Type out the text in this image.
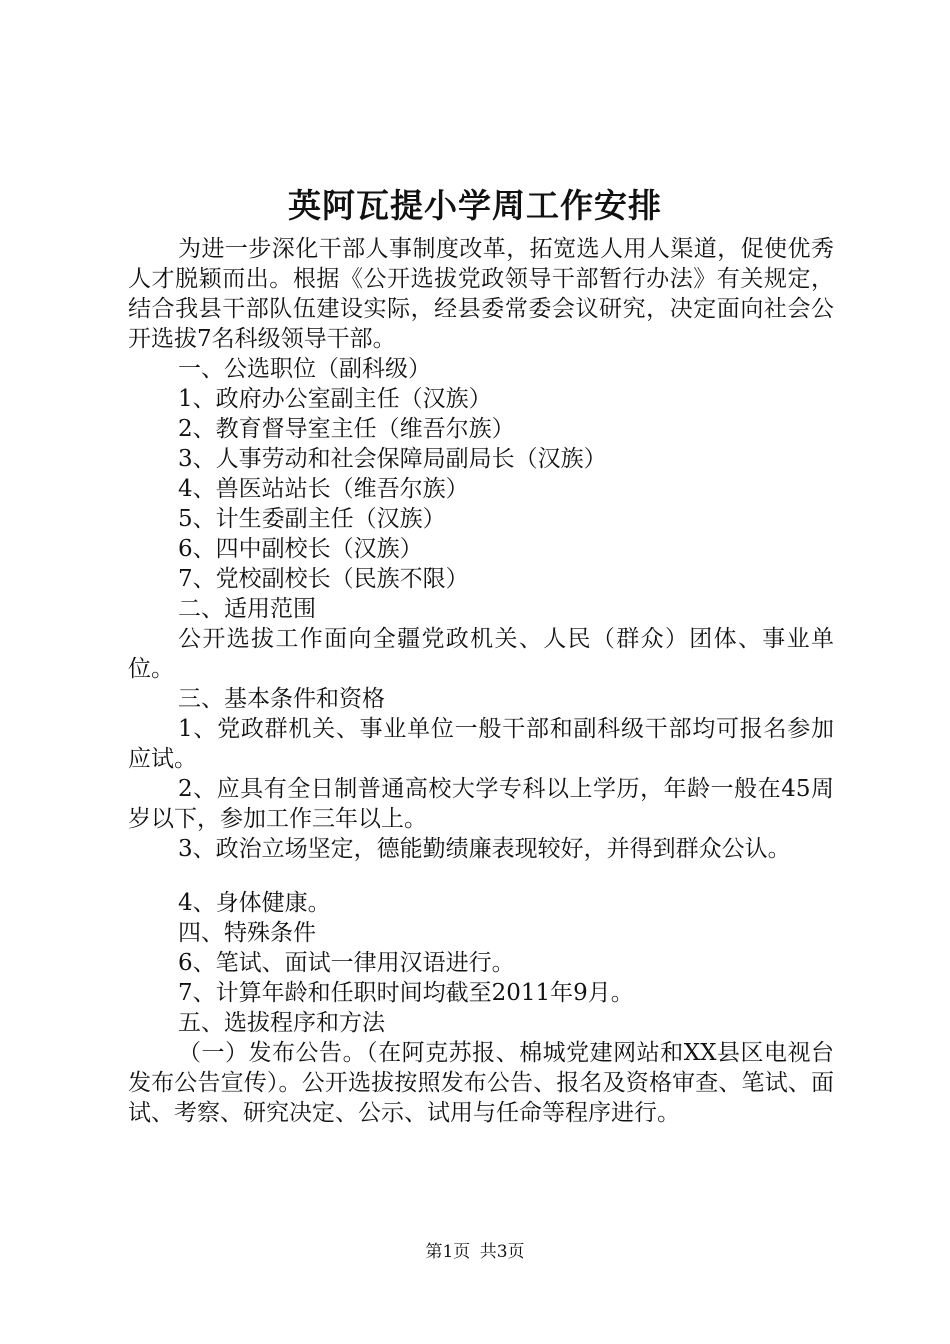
英阿瓦提小学周工作安排

为进一步深化干部人事制度改革，拓宽选人用人渠道，促使优秀人才脱颖而出。根据《公开选拔党政领导干部暂行办法》有关规定，结合我县干部队伍建设实际，经县委常委会议研究，决定面向社会公开选拔7名科级领导干部。

一、公选职位（副科级）

1、政府办公室副主任（汉族）

2、教育督导室主任（维吾尔族）

3、人事劳动和社会保障局副局长（汉族）

4、兽医站站长（维吾尔族）

5、计生委副主任（汉族）

6、四中副校长（汉族）

7、党校副校长（民族不限）

二、适用范围

公开选拔工作面向全疆党政机关、人民（群众）团体、事业单位。

三、基本条件和资格

1、党政群机关、事业单位一般干部和副科级干部均可报名参加应试。

2、应具有全日制普通高校大学专科以上学历，年龄一般在45周岁以下，参加工作三年以上。

3、政治立场坚定，德能勤绩廉表现较好，并得到群众公认。

4、身体健康。

四、特殊条件

6、笔试、面试一律用汉语进行。

7、计算年龄和任职时间均截至2011年9月。

五、选拔程序和方法

（一）发布公告。（在阿克苏报、棉城党建网站和XX县区电视台发布公告宣传）。公开选拔按照发布公告、报名及资格审查、笔试、面试、考察、研究决定、公示、试用与任命等程序进行。

第1页 共3页
